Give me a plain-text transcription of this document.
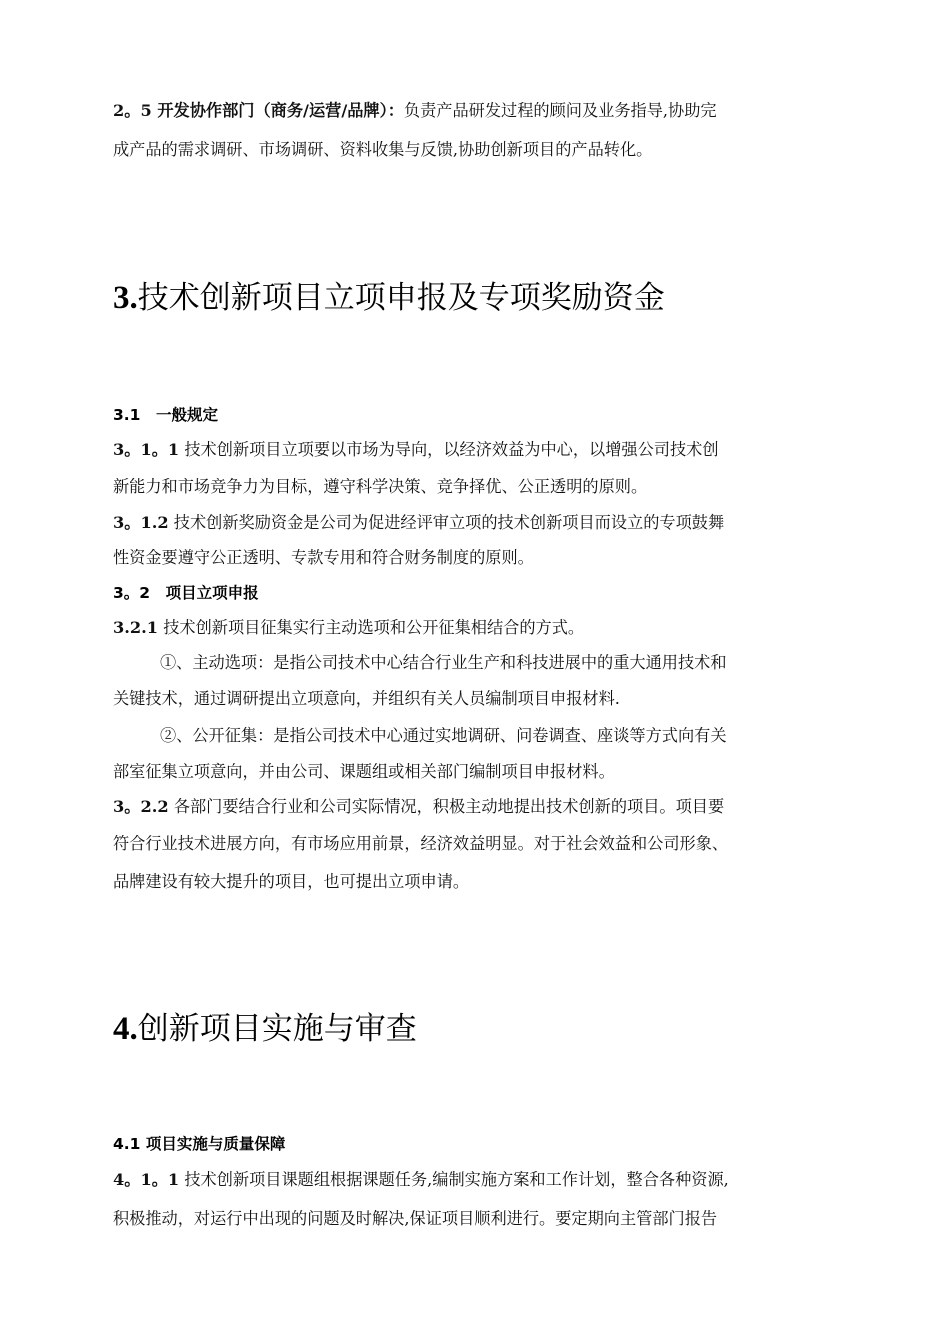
2。5 开发协作部门（商务/运营/品牌）：负责产品研发过程的顾问及业务指导,协助完
成产品的需求调研、市场调研、资料收集与反馈,协助创新项目的产品转化。
3.技术创新项目立项申报及专项奖励资金
3.1　一般规定
3。1。1 技术创新项目立项要以市场为导向，以经济效益为中心，以增强公司技术创
新能力和市场竞争力为目标，遵守科学决策、竞争择优、公正透明的原则。
3。1.2 技术创新奖励资金是公司为促进经评审立项的技术创新项目而设立的专项鼓舞
性资金要遵守公正透明、专款专用和符合财务制度的原则。
3。2　项目立项申报
3.2.1 技术创新项目征集实行主动选项和公开征集相结合的方式。
①、主动选项：是指公司技术中心结合行业生产和科技进展中的重大通用技术和
关键技术，通过调研提出立项意向，并组织有关人员编制项目申报材料.
②、公开征集：是指公司技术中心通过实地调研、问卷调查、座谈等方式向有关
部室征集立项意向，并由公司、课题组或相关部门编制项目申报材料。
3。2.2 各部门要结合行业和公司实际情况，积极主动地提出技术创新的项目。项目要
符合行业技术进展方向，有市场应用前景，经济效益明显。对于社会效益和公司形象、
品牌建设有较大提升的项目，也可提出立项申请。
4.创新项目实施与审查
4.1 项目实施与质量保障
4。1。1 技术创新项目课题组根据课题任务,编制实施方案和工作计划，整合各种资源,
积极推动，对运行中出现的问题及时解决,保证项目顺利进行。要定期向主管部门报告
